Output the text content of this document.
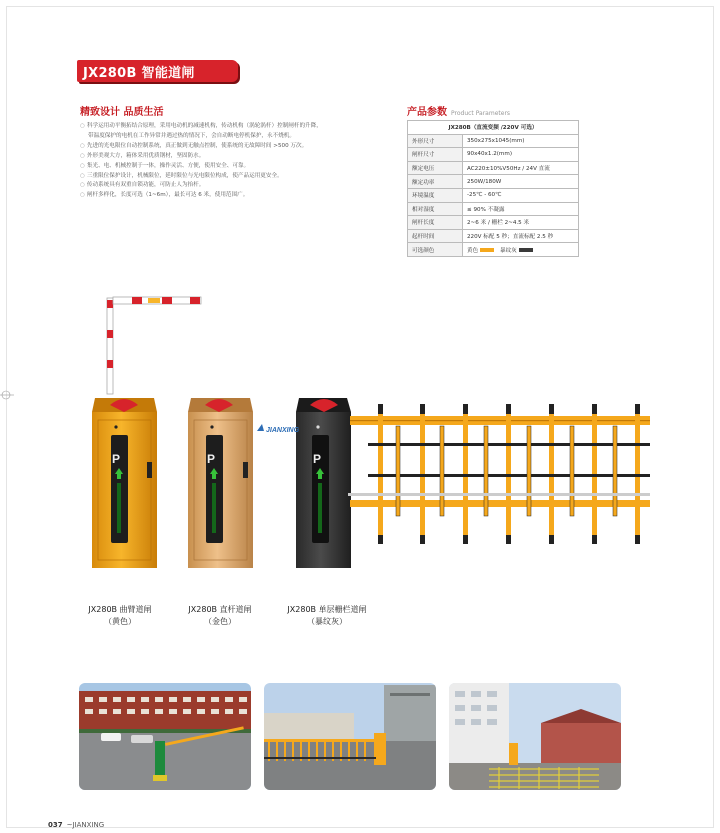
JX280B 智能道闸
精致设计 品质生活
○ 科学运用动平衡拓结合原理，采用电动机的减速机构，传动机构（涡轮涡杆）控制闸杆的升降，
带温度保护的电机在工作异常并遇过热的情况下，会自动断电停机保护，永不烧机。
○ 先进的光电限位自动控制系统，真正做到无触点控制，使系统的无故障时间 >500 万次。
○ 外形美观大方，箱体采用优质钢材，坚固防水。
○ 集光、电、机械控制于一体，操作灵活、方便，使用安全、可靠。
○ 三重限位保护设计，机械限位，延时限位与光电限位构成，使产品运用更安全。
○ 传动系统具有双重自锁功能，可防止人为抬杆。
○ 闸杆多样化，长度可选（1~6m），最长可达 6 米，使用范围广。
产品参数 Product Parameters
JX280B（直流变频 /220V 可选）	
外形尺寸	350x275x1045(mm)
闸杆尺寸	90x40x1.2(mm)
额定电压	AC220±10%V50Hz / 24V 直流
额定功率	250W/180W
环境温度	-25℃ - 60℃
相对湿度	≤ 90% 不凝露
闸杆长度	2~6 米 / 栅栏 2~4.5 米
起杆时间	220V 标配 5 秒；直流标配 2.5 秒
可选颜色	黄色 暴纹灰
P	P	P
JIANXING
JX280B 曲臂道闸
（黄色）
JX280B 直杆道闸
（金色）
JX280B 单层栅栏道闸
（暴纹灰）
037 ~JIANXING
